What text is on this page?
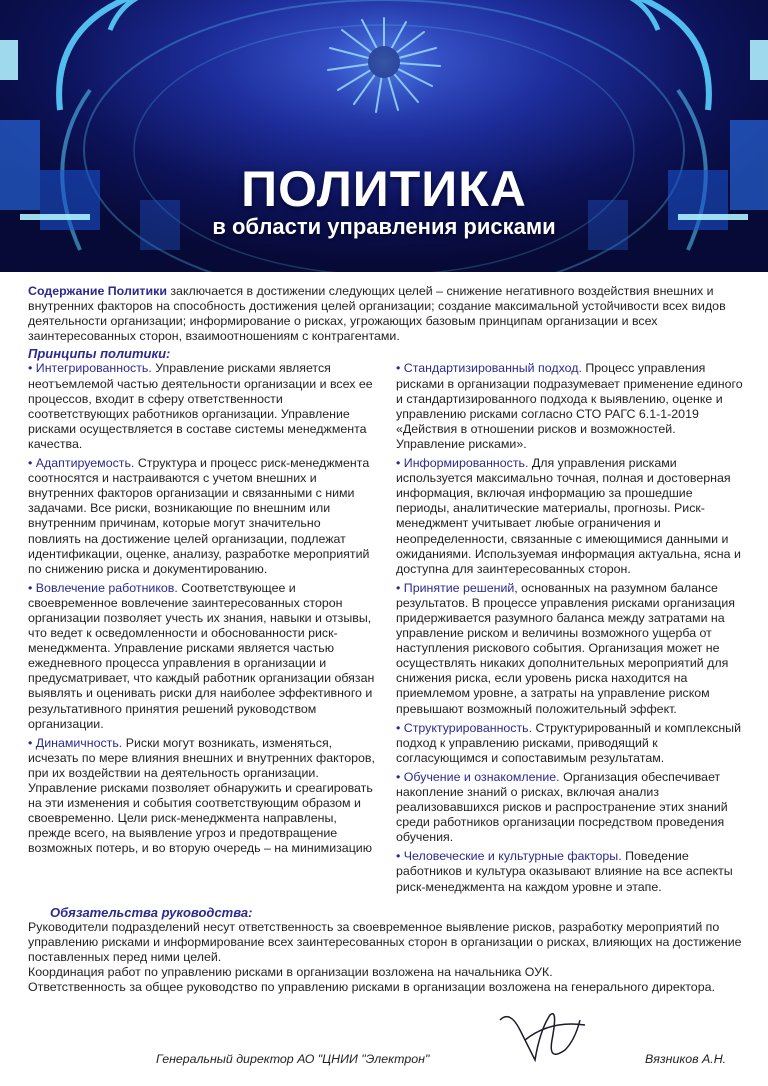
ПОЛИТИКА
в области управления рисками

Содержание Политики заключается в достижении следующих целей – снижение негативного воздействия внешних и внутренних факторов на способность достижения целей организации; создание максимальной устойчивости всех видов деятельности организации; информирование о рисках, угрожающих базовым принципам организации и всех заинтересованных сторон, взаимоотношениям с контрагентами.

Принципы политики:

• Интегрированность. Управление рисками является неотъемлемой частью деятельности организации и всех ее процессов, входит в сферу ответственности соответствующих работников организации. Управление рисками осуществляется в составе системы менеджмента качества.

• Адаптируемость. Структура и процесс риск-менеджмента соотносятся и настраиваются с учетом внешних и внутренних факторов организации и связанными с ними задачами. Все риски, возникающие по внешним или внутренним причинам, которые могут значительно повлиять на достижение целей организации, подлежат идентификации, оценке, анализу, разработке мероприятий по снижению риска и документированию.

• Вовлечение работников. Соответствующее и своевременное вовлечение заинтересованных сторон организации позволяет учесть их знания, навыки и отзывы, что ведет к осведомленности и обоснованности риск-менеджмента. Управление рисками является частью ежедневного процесса управления в организации и предусматривает, что каждый работник организации обязан выявлять и оценивать риски для наиболее эффективного и результативного принятия решений руководством организации.

• Динамичность. Риски могут возникать, изменяться, исчезать по мере влияния внешних и внутренних факторов, при их воздействии на деятельность организации. Управление рисками позволяет обнаружить и среагировать на эти изменения и события соответствующим образом и своевременно. Цели риск-менеджмента направлены, прежде всего, на выявление угроз и предотвращение возможных потерь, и во вторую очередь – на минимизацию

• Стандартизированный подход. Процесс управления рисками в организации подразумевает применение единого и стандартизированного подхода к выявлению, оценке и управлению рисками согласно СТО РАГС 6.1-1-2019 «Действия в отношении рисков и возможностей. Управление рисками».

• Информированность. Для управления рисками используется максимально точная, полная и достоверная информация, включая информацию за прошедшие периоды, аналитические материалы, прогнозы. Риск-менеджмент учитывает любые ограничения и неопределенности, связанные с имеющимися данными и ожиданиями. Используемая информация актуальна, ясна и доступна для заинтересованных сторон.

• Принятие решений, основанных на разумном балансе результатов. В процессе управления рисками организация придерживается разумного баланса между затратами на управление риском и величины возможного ущерба от наступления рискового события. Организация может не осуществлять никаких дополнительных мероприятий для снижения риска, если уровень риска находится на приемлемом уровне, а затраты на управление риском превышают возможный положительный эффект.

• Структурированность. Структурированный и комплексный подход к управлению рисками, приводящий к согласующимся и сопоставимым результатам.

• Обучение и ознакомление. Организация обеспечивает накопление знаний о рисках, включая анализ реализовавшихся рисков и распространение этих знаний среди работников организации посредством проведения обучения.

• Человеческие и культурные факторы. Поведение работников и культура оказывают влияние на все аспекты риск-менеджмента на каждом уровне и этапе.

Обязательства руководства:

Руководители подразделений несут ответственность за своевременное выявление рисков, разработку мероприятий по управлению рисками и информирование всех заинтересованных сторон в организации о рисках, влияющих на достижение поставленных перед ними целей.

Координация работ по управлению рисками в организации возложена на начальника ОУК.

Ответственность за общее руководство по управлению рисками в организации возложена на генерального директора.

Генеральный директор АО "ЦНИИ "Электрон"	Вязников А.Н.
